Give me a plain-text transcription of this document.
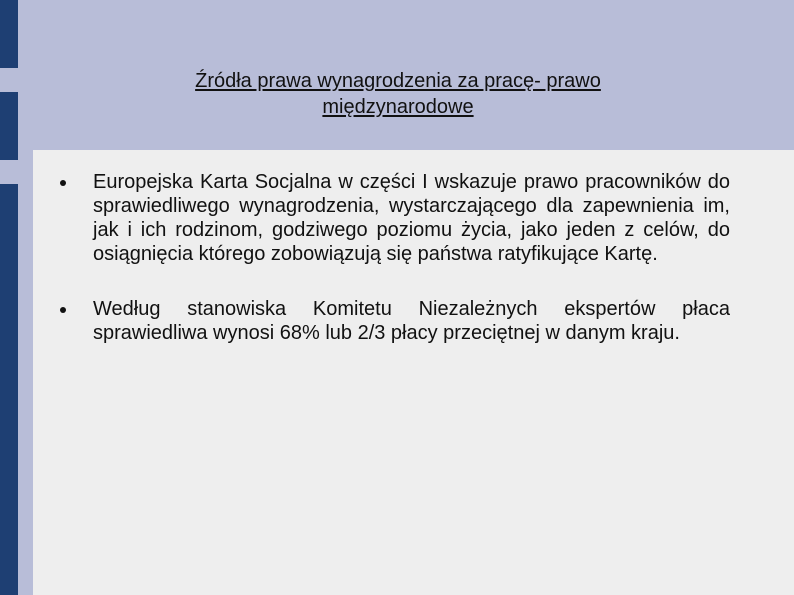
Źródła prawa wynagrodzenia za pracę- prawo międzynarodowe
Europejska Karta Socjalna w części I wskazuje prawo pracowników do sprawiedliwego wynagrodzenia, wystarczającego dla zapewnienia im, jak i ich rodzinom, godziwego poziomu życia, jako jeden z celów, do osiągnięcia którego zobowiązują się państwa ratyfikujące Kartę.
Według stanowiska Komitetu Niezależnych ekspertów płaca sprawiedliwa wynosi 68% lub 2/3 płacy przeciętnej w danym kraju.
